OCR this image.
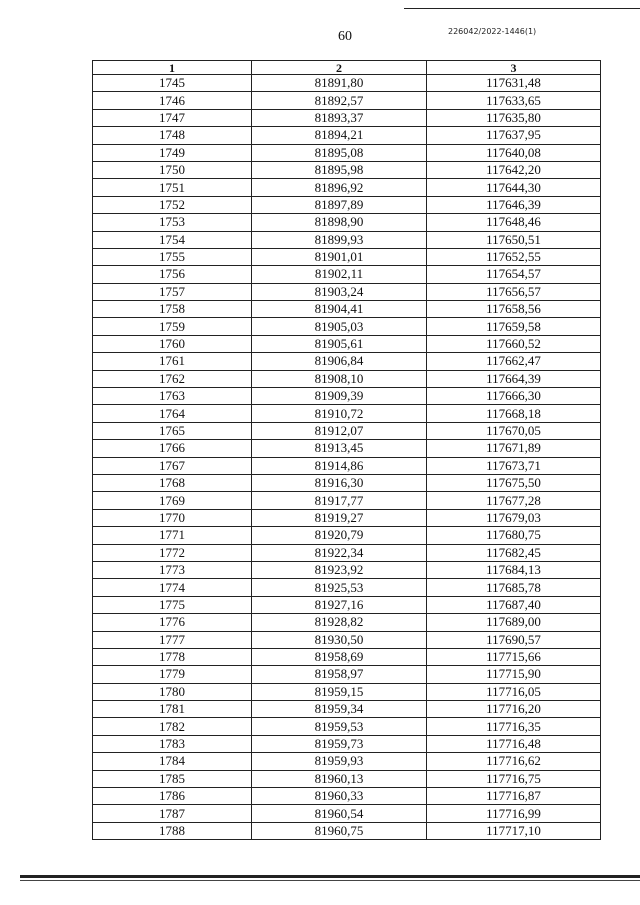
60	226042/2022-1446(1)
1	2	3
1745	81891,80	117631,48
1746	81892,57	117633,65
1747	81893,37	117635,80
1748	81894,21	117637,95
1749	81895,08	117640,08
1750	81895,98	117642,20
1751	81896,92	117644,30
1752	81897,89	117646,39
1753	81898,90	117648,46
1754	81899,93	117650,51
1755	81901,01	117652,55
1756	81902,11	117654,57
1757	81903,24	117656,57
1758	81904,41	117658,56
1759	81905,03	117659,58
1760	81905,61	117660,52
1761	81906,84	117662,47
1762	81908,10	117664,39
1763	81909,39	117666,30
1764	81910,72	117668,18
1765	81912,07	117670,05
1766	81913,45	117671,89
1767	81914,86	117673,71
1768	81916,30	117675,50
1769	81917,77	117677,28
1770	81919,27	117679,03
1771	81920,79	117680,75
1772	81922,34	117682,45
1773	81923,92	117684,13
1774	81925,53	117685,78
1775	81927,16	117687,40
1776	81928,82	117689,00
1777	81930,50	117690,57
1778	81958,69	117715,66
1779	81958,97	117715,90
1780	81959,15	117716,05
1781	81959,34	117716,20
1782	81959,53	117716,35
1783	81959,73	117716,48
1784	81959,93	117716,62
1785	81960,13	117716,75
1786	81960,33	117716,87
1787	81960,54	117716,99
1788	81960,75	117717,10
